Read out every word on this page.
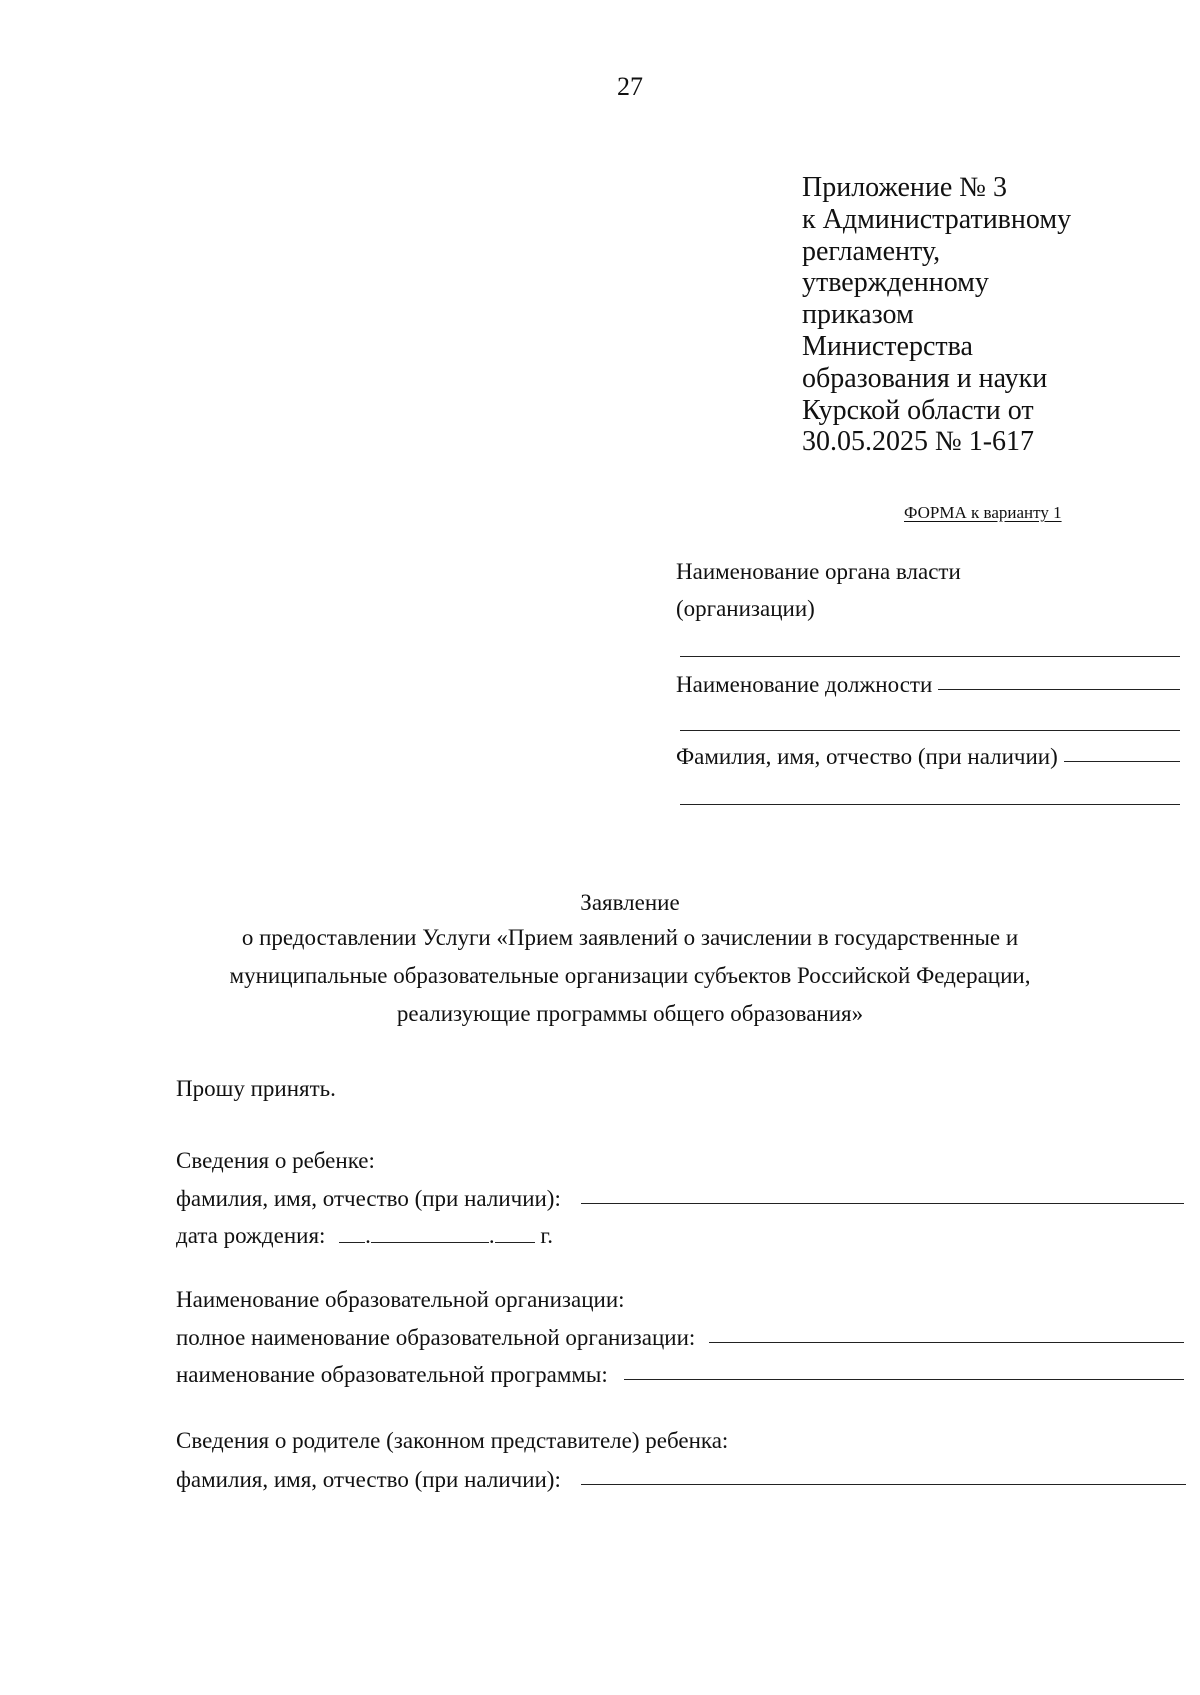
27
Приложение № 3
к Административному
регламенту,
утвержденному
приказом
Министерства
образования и науки
Курской области от
30.05.2025 № 1-617
ФОРМА к варианту 1
Наименование органа власти
(организации)
Наименование должности
Фамилия, имя, отчество (при наличии)
Заявление
о предоставлении Услуги «Прием заявлений о зачислении в государственные и
муниципальные образовательные организации субъектов Российской Федерации,
реализующие программы общего образования»
Прошу принять.
Сведения о ребенке:
фамилия, имя, отчество (при наличии):
дата рождения: .	. г.
Наименование образовательной организации:
полное наименование образовательной организации:
наименование образовательной программы:
Сведения о родителе (законном представителе) ребенка:
фамилия, имя, отчество (при наличии):
